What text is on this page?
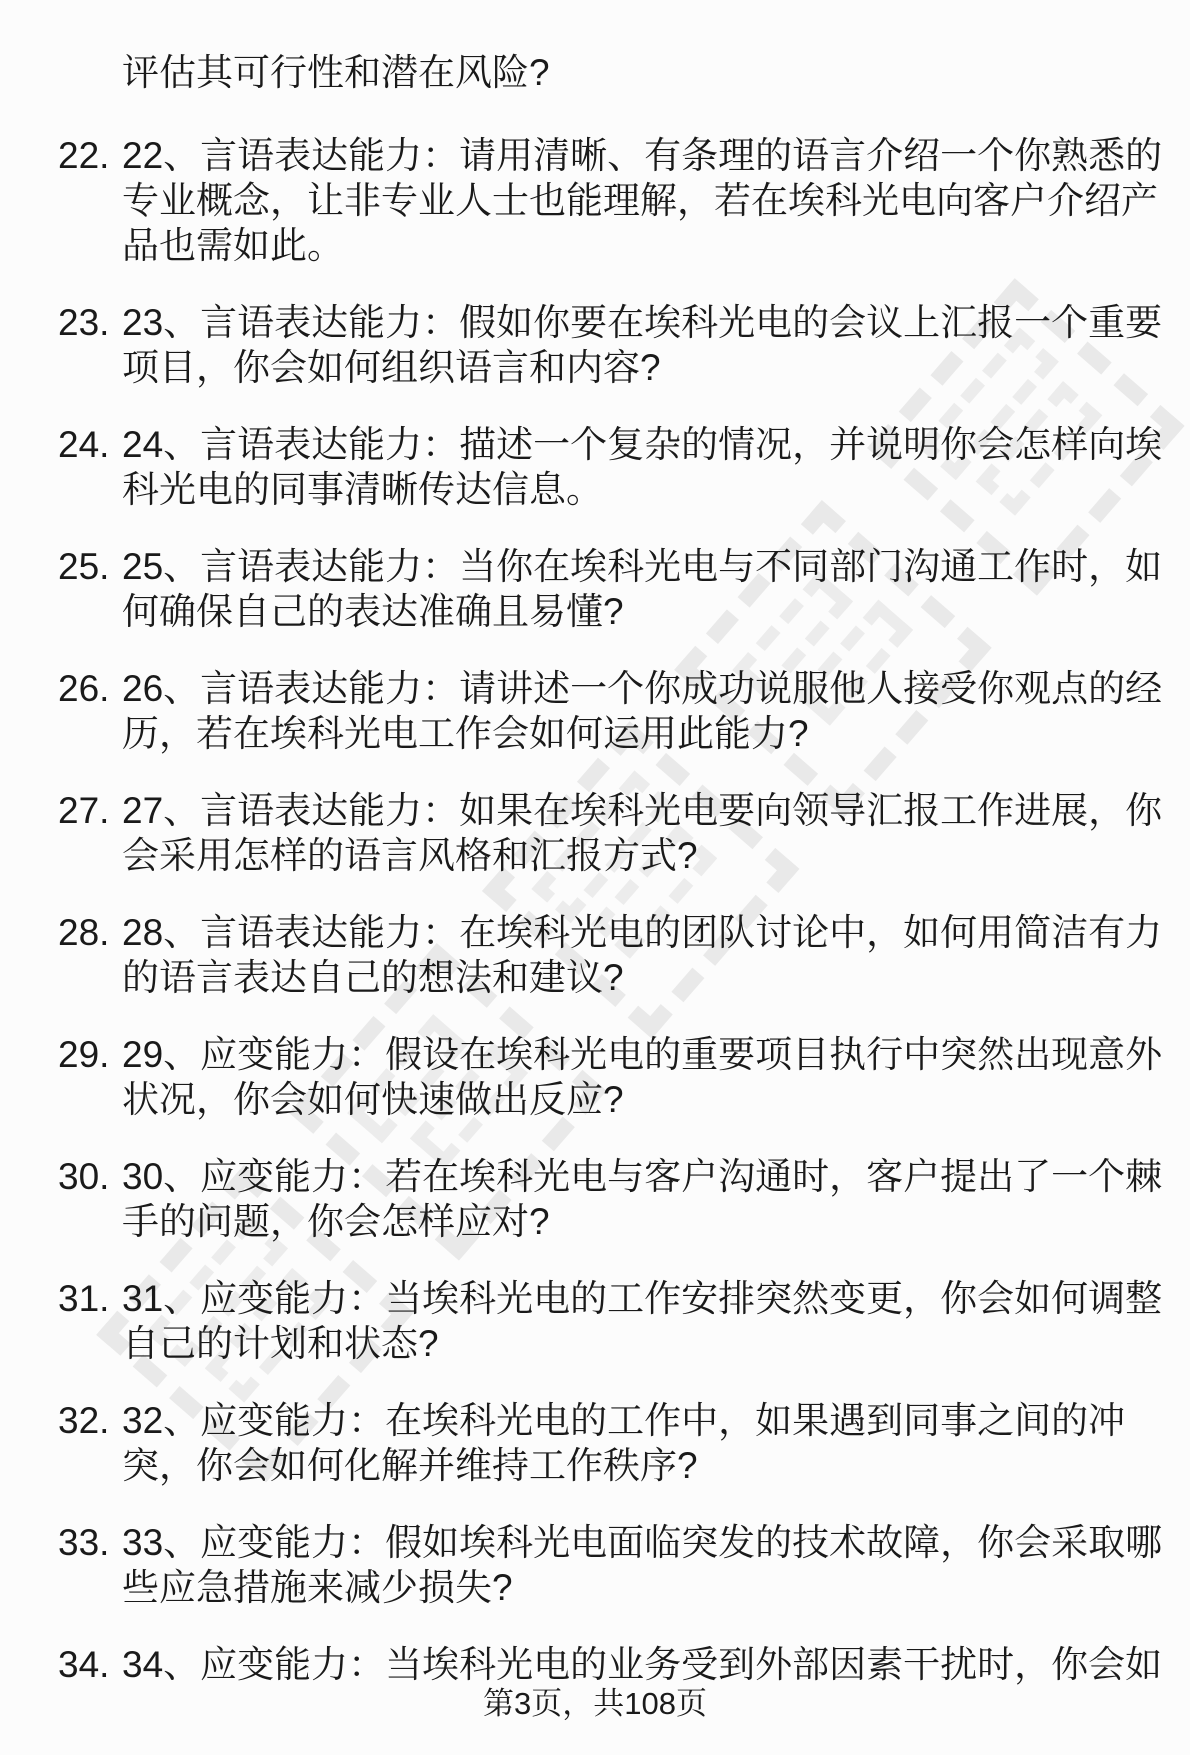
评估其可行性和潜在风险?

22. 22、言语表达能力：请用清晰、有条理的语言介绍一个你熟悉的专业概念，让非专业人士也能理解，若在埃科光电向客户介绍产品也需如此。
23. 23、言语表达能力：假如你要在埃科光电的会议上汇报一个重要项目，你会如何组织语言和内容?
24. 24、言语表达能力：描述一个复杂的情况，并说明你会怎样向埃科光电的同事清晰传达信息。
25. 25、言语表达能力：当你在埃科光电与不同部门沟通工作时，如何确保自己的表达准确且易懂?
26. 26、言语表达能力：请讲述一个你成功说服他人接受你观点的经历，若在埃科光电工作会如何运用此能力?
27. 27、言语表达能力：如果在埃科光电要向领导汇报工作进展，你会采用怎样的语言风格和汇报方式?
28. 28、言语表达能力：在埃科光电的团队讨论中，如何用简洁有力的语言表达自己的想法和建议?
29. 29、应变能力：假设在埃科光电的重要项目执行中突然出现意外状况，你会如何快速做出反应?
30. 30、应变能力：若在埃科光电与客户沟通时，客户提出了一个棘手的问题，你会怎样应对?
31. 31、应变能力：当埃科光电的工作安排突然变更，你会如何调整自己的计划和状态?
32. 32、应变能力：在埃科光电的工作中，如果遇到同事之间的冲突，你会如何化解并维持工作秩序?
33. 33、应变能力：假如埃科光电面临突发的技术故障，你会采取哪些应急措施来减少损失?
34. 34、应变能力：当埃科光电的业务受到外部因素干扰时，你会如
第3页，共108页
